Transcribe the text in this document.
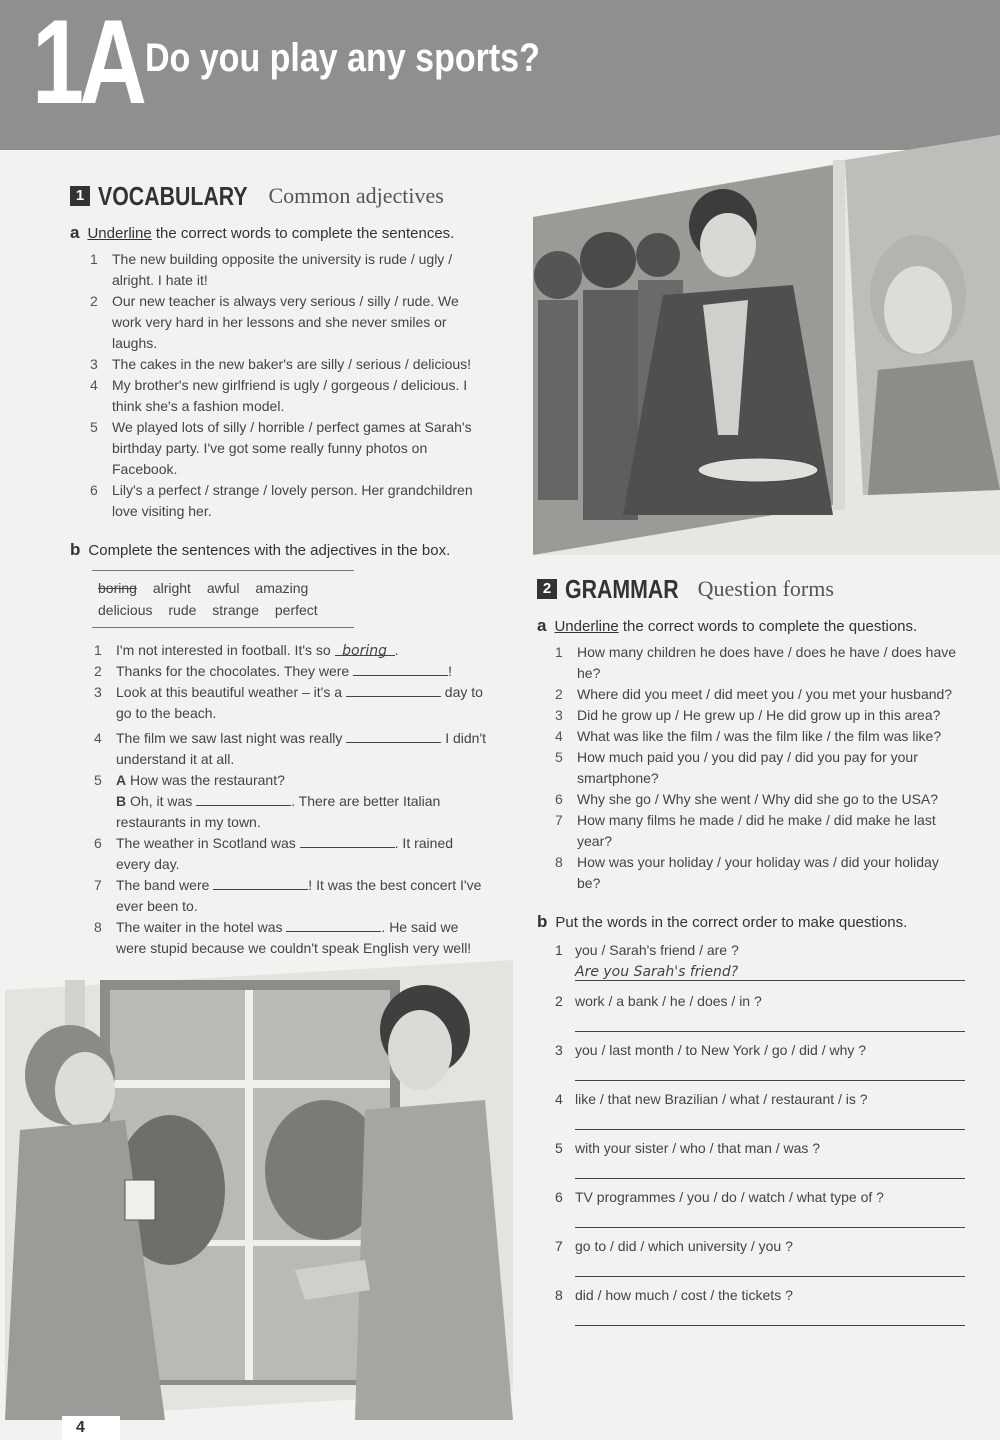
1A Do you play any sports?
1 VOCABULARY Common adjectives
a Underline the correct words to complete the sentences.
1 The new building opposite the university is rude / ugly / alright. I hate it!
2 Our new teacher is always very serious / silly / rude. We work very hard in her lessons and she never smiles or laughs.
3 The cakes in the new baker's are silly / serious / delicious!
4 My brother's new girlfriend is ugly / gorgeous / delicious. I think she's a fashion model.
5 We played lots of silly / horrible / perfect games at Sarah's birthday party. I've got some really funny photos on Facebook.
6 Lily's a perfect / strange / lovely person. Her grandchildren love visiting her.
b Complete the sentences with the adjectives in the box.
boring alright awful amazing
delicious rude strange perfect
1 I'm not interested in football. It's so boring .
2 Thanks for the chocolates. They were	!
3 Look at this beautiful weather – it's a	day to go to the beach.
4 The film we saw last night was really	I didn't understand it at all.
5 A How was the restaurant?
B Oh, it was	. There are better Italian restaurants in my town.
6 The weather in Scotland was	. It rained every day.
7 The band were	! It was the best concert I've ever been to.
8 The waiter in the hotel was	. He said we were stupid because we couldn't speak English very well!
2 GRAMMAR Question forms
a Underline the correct words to complete the questions.
1 How many children he does have / does he have / does have he?
2 Where did you meet / did meet you / you met your husband?
3 Did he grow up / He grew up / He did grow up in this area?
4 What was like the film / was the film like / the film was like?
5 How much paid you / you did pay / did you pay for your smartphone?
6 Why she go / Why she went / Why did she go to the USA?
7 How many films he made / did he make / did make he last year?
8 How was your holiday / your holiday was / did your holiday be?
b Put the words in the correct order to make questions.
1 you / Sarah's friend / are ?
Are you Sarah's friend?
2 work / a bank / he / does / in ?
3 you / last month / to New York / go / did / why ?
4 like / that new Brazilian / what / restaurant / is ?
5 with your sister / who / that man / was ?
6 TV programmes / you / do / watch / what type of ?
7 go to / did / which university / you ?
8 did / how much / cost / the tickets ?
4
